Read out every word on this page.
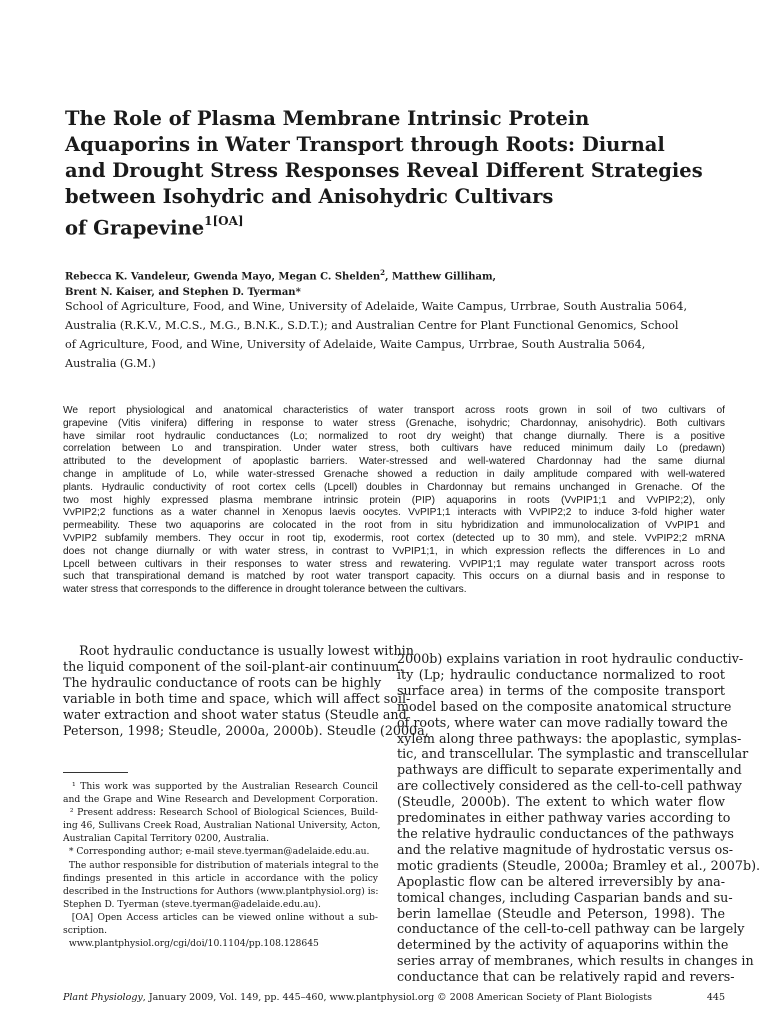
The Role of Plasma Membrane Intrinsic Protein
Aquaporins in Water Transport through Roots: Diurnal
and Drought Stress Responses Reveal Different Strategies
between Isohydric and Anisohydric Cultivars
of Grapevine$^{1[OA]}$
Rebecca K. Vandeleur, Gwenda Mayo, Megan C. Shelden$^2$, Matthew Gilliham,
Brent N. Kaiser, and Stephen D. Tyerman*
School of Agriculture, Food, and Wine, University of Adelaide, Waite Campus, Urrbrae, South Australia 5064,
Australia (R.K.V., M.C.S., M.G., B.N.K., S.D.T.); and Australian Centre for Plant Functional Genomics, School
of Agriculture, Food, and Wine, University of Adelaide, Waite Campus, Urrbrae, South Australia 5064,
Australia (G.M.)
We report physiological and anatomical characteristics of water transport across roots grown in soil of two cultivars of
grapevine (Vitis vinifera) differing in response to water stress (Grenache, isohydric; Chardonnay, anisohydric). Both cultivars
have similar root hydraulic conductances (Lo; normalized to root dry weight) that change diurnally. There is a positive
correlation between Lo and transpiration. Under water stress, both cultivars have reduced minimum daily Lo (predawn)
attributed to the development of apoplastic barriers. Water-stressed and well-watered Chardonnay had the same diurnal
change in amplitude of Lo, while water-stressed Grenache showed a reduction in daily amplitude compared with well-watered
plants. Hydraulic conductivity of root cortex cells (Lpcell) doubles in Chardonnay but remains unchanged in Grenache. Of the
two most highly expressed plasma membrane intrinsic protein (PIP) aquaporins in roots (VvPIP1;1 and VvPIP2;2), only
VvPIP2;2 functions as a water channel in Xenopus laevis oocytes. VvPIP1;1 interacts with VvPIP2;2 to induce 3-fold higher water
permeability. These two aquaporins are colocated in the root from in situ hybridization and immunolocalization of VvPIP1 and
VvPIP2 subfamily members. They occur in root tip, exodermis, root cortex (detected up to 30 mm), and stele. VvPIP2;2 mRNA
does not change diurnally or with water stress, in contrast to VvPIP1;1, in which expression reflects the differences in Lo and
Lpcell between cultivars in their responses to water stress and rewatering. VvPIP1;1 may regulate water transport across roots
such that transpirational demand is matched by root water transport capacity. This occurs on a diurnal basis and in response to
water stress that corresponds to the difference in drought tolerance between the cultivars.
Root hydraulic conductance is usually lowest within
the liquid component of the soil-plant-air continuum.
The hydraulic conductance of roots can be highly
variable in both time and space, which will affect soil-
water extraction and shoot water status (Steudle and
Peterson, 1998; Steudle, 2000a, 2000b). Steudle (2000a,
¹ This work was supported by the Australian Research Council
and the Grape and Wine Research and Development Corporation.
² Present address: Research School of Biological Sciences, Build-
ing 46, Sullivans Creek Road, Australian National University, Acton,
Australian Capital Territory 0200, Australia.
* Corresponding author; e-mail steve.tyerman@adelaide.edu.au.
The author responsible for distribution of materials integral to the
findings presented in this article in accordance with the policy
described in the Instructions for Authors (www.plantphysiol.org) is:
Stephen D. Tyerman (steve.tyerman@adelaide.edu.au).
[OA] Open Access articles can be viewed online without a sub-
scription.
www.plantphysiol.org/cgi/doi/10.1104/pp.108.128645
2000b) explains variation in root hydraulic conductiv-
ity (Lp; hydraulic conductance normalized to root
surface area) in terms of the composite transport
model based on the composite anatomical structure
of roots, where water can move radially toward the
xylem along three pathways: the apoplastic, symplas-
tic, and transcellular. The symplastic and transcellular
pathways are difficult to separate experimentally and
are collectively considered as the cell-to-cell pathway
(Steudle, 2000b). The extent to which water flow
predominates in either pathway varies according to
the relative hydraulic conductances of the pathways
and the relative magnitude of hydrostatic versus os-
motic gradients (Steudle, 2000a; Bramley et al., 2007b).
Apoplastic flow can be altered irreversibly by ana-
tomical changes, including Casparian bands and su-
berin lamellae (Steudle and Peterson, 1998). The
conductance of the cell-to-cell pathway can be largely
determined by the activity of aquaporins within the
series array of membranes, which results in changes in
conductance that can be relatively rapid and revers-
Plant Physiology, January 2009, Vol. 149, pp. 445–460, www.plantphysiol.org © 2008 American Society of Plant Biologists	445
